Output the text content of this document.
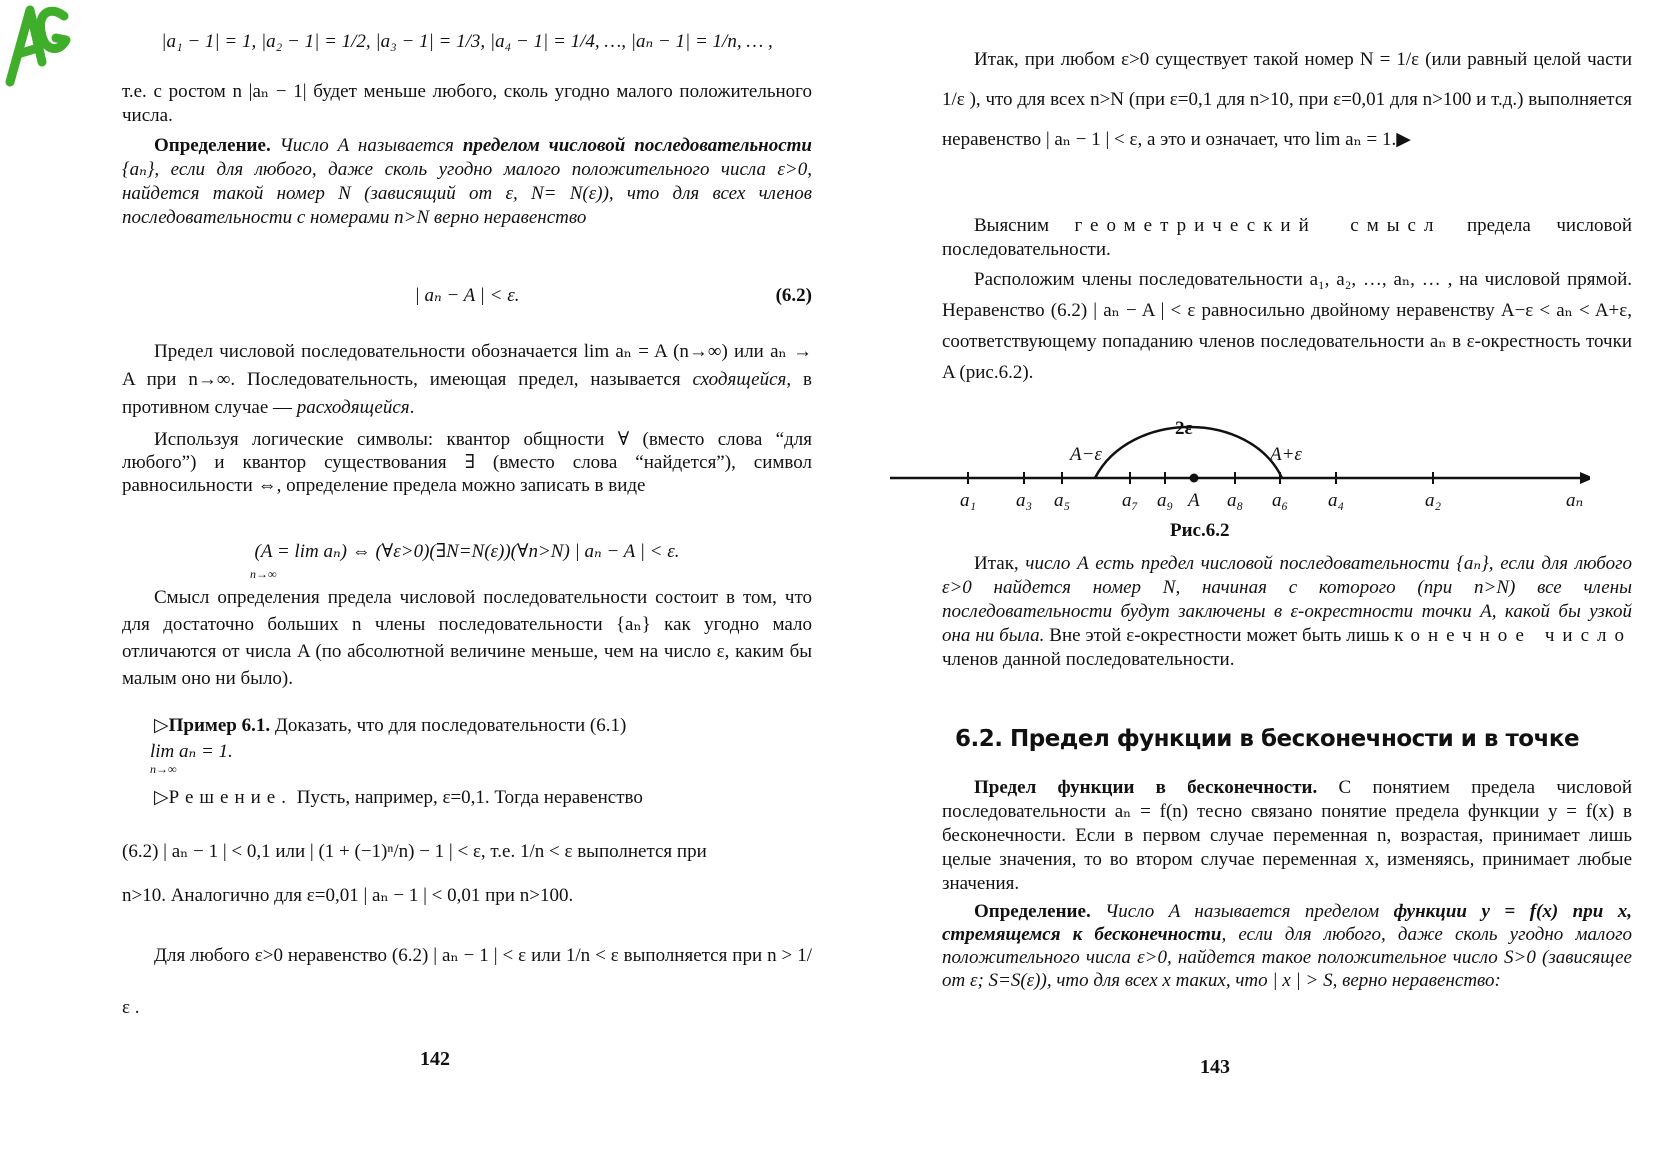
|a₁ − 1| = 1, |a₂ − 1| = 1/2, |a₃ − 1| = 1/3, |a₄ − 1| = 1/4, …, |aₙ − 1| = 1/n, … ,
т.е. с ростом n |aₙ − 1| будет меньше любого, сколь угодно малого положительного числа.
Определение. Число A называется пределом числовой последовательности {aₙ}, если для любого, даже сколь угодно малого положительного числа ε>0, найдется такой номер N (зависящий от ε, N= N(ε)), что для всех членов последовательности с номерами n>N верно неравенство
| aₙ − A | < ε.	(6.2)
Предел числовой последовательности обозначается lim aₙ = A (n→∞) или aₙ → A при n→∞. Последовательность, имеющая предел, называется сходящейся, в противном случае — расходящейся.
Используя логические символы: квантор общности ∀ (вместо слова “для любого”) и квантор существования ∃ (вместо слова “найдется”), символ равносильности ⇔, определение предела можно записать в виде
(A = lim aₙ) ⇔ (∀ε>0)(∃N=N(ε))(∀n>N) | aₙ − A | < ε.
n→∞
Смысл определения предела числовой последовательности состоит в том, что для достаточно больших n члены последовательности {aₙ} как угодно мало отличаются от числа A (по абсолютной величине меньше, чем на число ε, каким бы малым оно ни было).
▷Пример 6.1. Доказать, что для последовательности (6.1)
lim aₙ = 1.
n→∞
▷Решение. Пусть, например, ε=0,1. Тогда неравенство
(6.2) | aₙ − 1 | < 0,1 или | (1 + (−1)ⁿ/n) − 1 | < ε, т.е. 1/n < ε выполнется при
n>10. Аналогично для ε=0,01 | aₙ − 1 | < 0,01 при n>100.
Для любого ε>0 неравенство (6.2) | aₙ − 1 | < ε или 1/n < ε выполняется при n > 1/ε .
142
Итак, при любом ε>0 существует такой номер N = 1/ε (или равный целой части 1/ε ), что для всех n>N (при ε=0,1 для n>10, при ε=0,01 для n>100 и т.д.) выполняется неравенство | aₙ − 1 | < ε, а это и означает, что lim aₙ = 1.▶
Выясним геометрический смысл предела числовой последовательности.
Расположим члены последовательности a₁, a₂, …, aₙ, … , на числовой прямой. Неравенство (6.2) | aₙ − A | < ε равносильно двойному неравенству A−ε < aₙ < A+ε, соответствующему попаданию членов последовательности aₙ в ε-окрестность точки A (рис.6.2).
2ε
A−ε	A+ε
a₁ a₃ a₅	a₇ a₉ A a₈ a₆ a₄	a₂	aₙ
Рис.6.2
Итак, число A есть предел числовой последовательности {aₙ}, если для любого ε>0 найдется номер N, начиная с которого (при n>N) все члены последовательности будут заключены в ε-окрестности точки A, какой бы узкой она ни была. Вне этой ε-окрестности может быть лишь конечное число членов данной последовательности.
6.2. Предел функции в бесконечности и в точке
Предел функции в бесконечности. С понятием предела числовой последовательности aₙ = f(n) тесно связано понятие предела функции y = f(x) в бесконечности. Если в первом случае переменная n, возрастая, принимает лишь целые значения, то во втором случае переменная x, изменяясь, принимает любые значения.
Определение. Число A называется пределом функции y = f(x) при x, стремящемся к бесконечности, если для любого, даже сколь угодно малого положительного числа ε>0, найдется такое положительное число S>0 (зависящее от ε; S=S(ε)), что для всех x таких, что | x | > S, верно неравенство:
143
